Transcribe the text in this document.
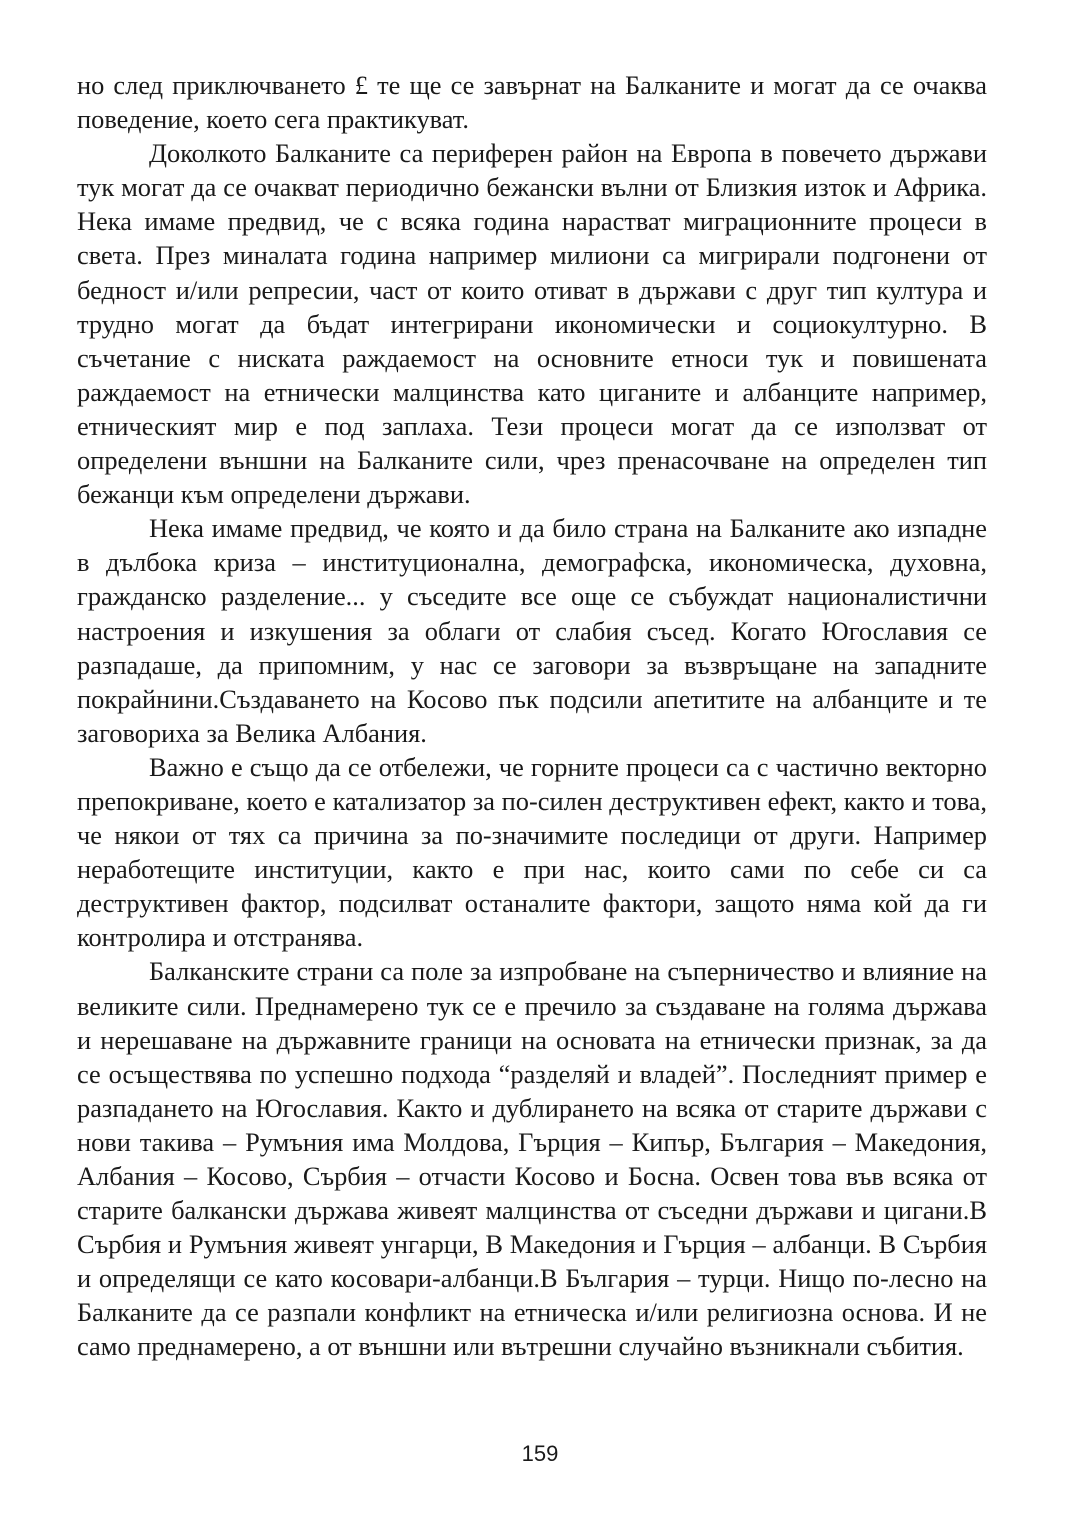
но след приключването £ те ще се завърнат на Балканите и могат да се очаква поведение, което сега практикуват.

Доколкото Балканите са периферен район на Европа в повечето държави тук могат да се очакват периодично бежански вълни от Близкия изток и Африка. Нека имаме предвид, че с всяка година нарастват миграционните процеси в света. През миналата година например милиони са мигрирали подгонени от бедност и/или репресии, част от които отиват в държави с друг тип култура и трудно могат да бъдат интегрирани икономически и социокултурно. В съчетание с ниската раждаемост на основните етноси тук и повишената раждаемост на етнически малцинства като циганите и албанците например, етническият мир е под заплаха. Тези процеси могат да се използват от определени външни на Балканите сили, чрез пренасочване на определен тип бежанци към определени държави.

Нека имаме предвид, че която и да било страна на Балканите ако изпадне в дълбока криза – институционална, демографска, икономическа, духовна, гражданско разделение... у съседите все още се събуждат националистични настроения и изкушения за облаги от слабия съсед. Когато Югославия се разпадаше, да припомним, у нас се заговори за възвръщане на западните покрайнини.Създаването на Косово пък подсили апетитите на албанците и те заговориха за Велика Албания.

Важно е също да се отбележи, че горните процеси са с частично векторно препокриване, което е катализатор за по-силен деструктивен ефект, както и това, че някои от тях са причина за по-значимите последици от други. Например неработещите институции, както е при нас, които сами по себе си са деструктивен фактор, подсилват останалите фактори, защото няма кой да ги контролира и отстранява.

Балканските страни са поле за изпробване на съперничество и влияние на великите сили. Преднамерено тук се е пречило за създаване на голяма държава и нерешаване на държавните граници на основата на етнически признак, за да се осъществява по успешно подхода “разделяй и владей”. Последният пример е разпадането на Югославия. Както и дублирането на всяка от старите държави с нови такива – Румъния има Молдова, Гърция – Кипър, България – Македония, Албания – Косово, Сърбия – отчасти Косово и Босна. Освен това във всяка от старите балкански държава живеят малцинства от съседни държави и цигани.В Сърбия и Румъния живеят унгарци, В Македония и Гърция – албанци. В Сърбия и определящи се като косовари-албанци.В България – турци. Нищо по-лесно на Балканите да се разпали конфликт на етническа и/или религиозна основа. И не само преднамерено, а от външни или вътрешни случайно възникнали събития.

159
